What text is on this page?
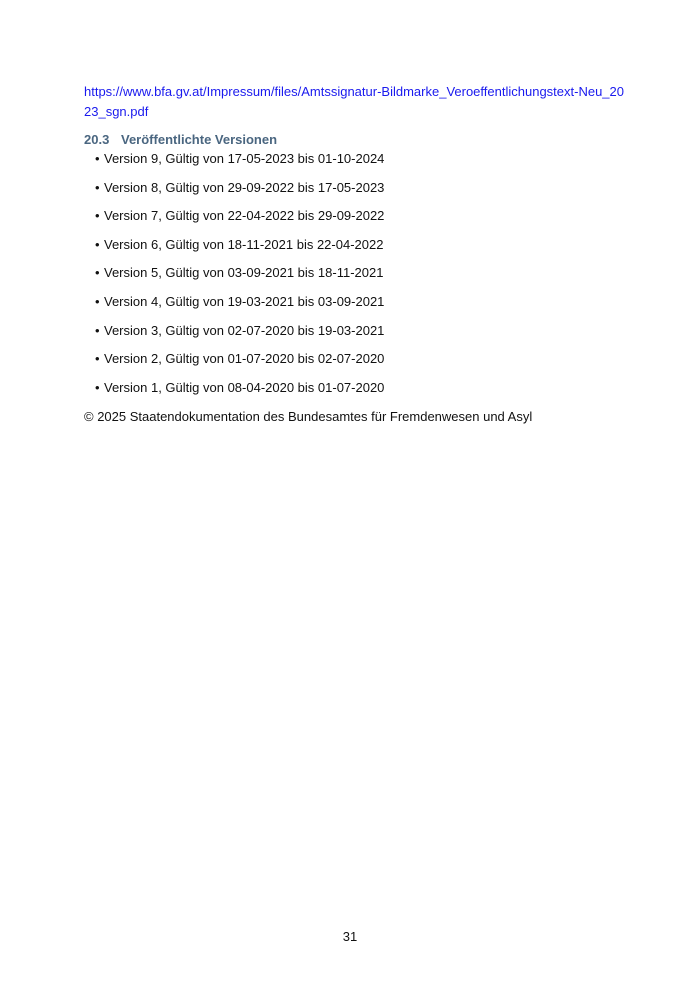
https://www.bfa.gv.at/Impressum/files/Amtssignatur-Bildmarke_Veroeffentlichungstext-Neu_2023_sgn.pdf
20.3 Veröffentlichte Versionen
• Version 9, Gültig von 17-05-2023 bis 01-10-2024
• Version 8, Gültig von 29-09-2022 bis 17-05-2023
• Version 7, Gültig von 22-04-2022 bis 29-09-2022
• Version 6, Gültig von 18-11-2021 bis 22-04-2022
• Version 5, Gültig von 03-09-2021 bis 18-11-2021
• Version 4, Gültig von 19-03-2021 bis 03-09-2021
• Version 3, Gültig von 02-07-2020 bis 19-03-2021
• Version 2, Gültig von 01-07-2020 bis 02-07-2020
• Version 1, Gültig von 08-04-2020 bis 01-07-2020
© 2025 Staatendokumentation des Bundesamtes für Fremdenwesen und Asyl
31
